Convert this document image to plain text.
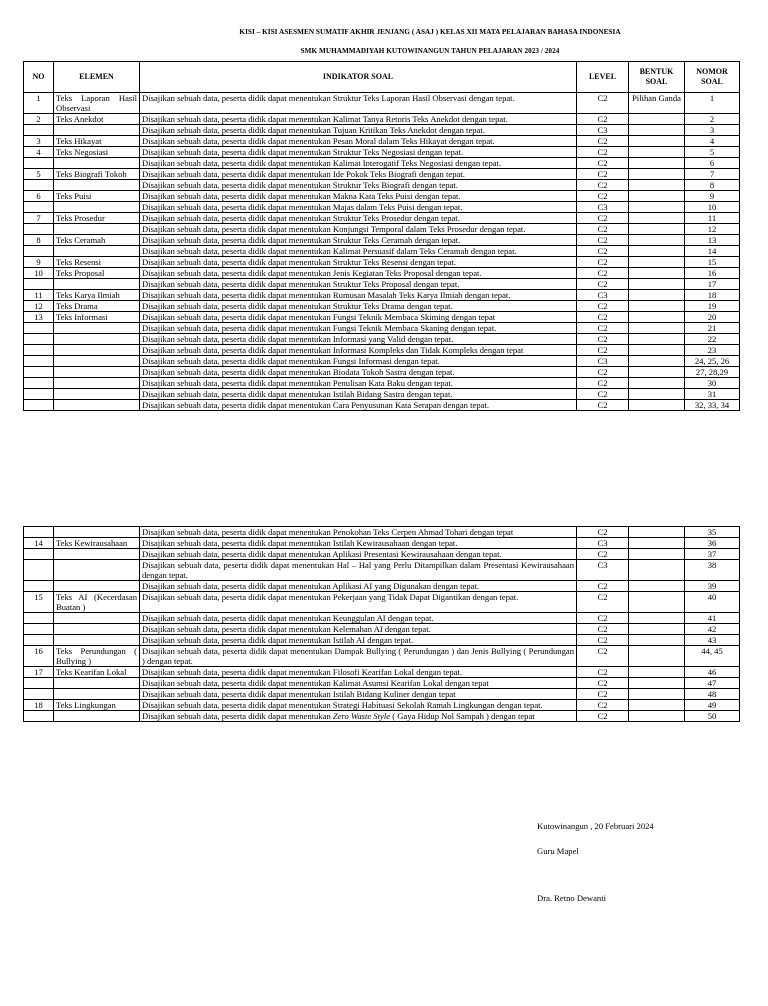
KISI – KISI ASESMEN SUMATIF AKHIR JENJANG ( ASAJ ) KELAS XII MATA PELAJARAN BAHASA INDONESIA
SMK MUHAMMADIYAH KUTOWINANGUN TAHUN PELAJARAN 2023 / 2024
NO	ELEMEN	INDIKATOR SOAL	LEVEL	BENTUK SOAL	NOMOR SOAL
1	Teks Laporan Hasil Observasi	Disajikan sebuah data, peserta didik dapat menentukan Struktur Teks Laporan Hasil Observasi dengan tepat.	C2	Pilihan Ganda	1
2	Teks Anekdot	Disajikan sebuah data, peserta didik dapat menentukan Kalimat Tanya Retoris Teks Anekdot dengan tepat.	C2		2
		Disajikan sebuah data, peserta didik dapat menentukan Tujuan Kritikan Teks Anekdot dengan tepat.	C3		3
3	Teks Hikayat	Disajikan sebuah data, peserta didik dapat menentukan Pesan Moral dalam Teks Hikayat dengan tepat.	C2		4
4	Teks Negosiasi	Disajikan sebuah data, peserta didik dapat menentukan Struktur Teks Negosiasi dengan tepat.	C2		5
		Disajikan sebuah data, peserta didik dapat menentukan Kalimat Interogatif Teks Negosiasi dengan tepat.	C2		6
5	Teks Biografi Tokoh	Disajikan sebuah data, peserta didik dapat menentukan Ide Pokok Teks Biografi dengan tepat.	C2		7
		Disajikan sebuah data, peserta didik dapat menentukan Struktur Teks Biografi dengan tepat.	C2		8
6	Teks Puisi	Disajikan sebuah data, peserta didik dapat menentukan Makna Kata Teks Puisi dengan tepat.	C2		9
		Disajikan sebuah data, peserta didik dapat menentukan Majas dalam Teks Puisi dengan tepat.	C3		10
7	Teks Prosedur	Disajikan sebuah data, peserta didik dapat menentukan Struktur Teks Prosedur dengan tepat.	C2		11
		Disajikan sebuah data, peserta didik dapat menentukan Konjungsi Temporal dalam Teks Prosedur dengan tepat.	C2		12
8	Teks Ceramah	Disajikan sebuah data, peserta didik dapat menentukan Struktur Teks Ceramah dengan tepat.	C2		13
		Disajikan sebuah data, peserta didik dapat menentukan Kalimat Persuasif dalam Teks Ceramah dengan tepat.	C2		14
9	Teks Resensi	Disajikan sebuah data, peserta didik dapat menentukan Struktur Teks Resensi dengan tepat.	C2		15
10	Teks Proposal	Disajikan sebuah data, peserta didik dapat menentukan Jenis Kegiatan Teks Proposal dengan tepat.	C2		16
		Disajikan sebuah data, peserta didik dapat menentukan Struktur Teks Proposal dengan tepat.	C2		17
11	Teks Karya Ilmiah	Disajikan sebuah data, peserta didik dapat menentukan Rumusan Masalah Teks Karya Ilmiah dengan tepat.	C3		18
12	Teks Drama	Disajikan sebuah data, peserta didik dapat menentukan Struktur Teks Drama dengan tepat.	C2		19
13	Teks Informasi	Disajikan sebuah data, peserta didik dapat menentukan Fungsi Teknik Membaca Skiming dengan tepat	C2		20
		Disajikan sebuah data, peserta didik dapat menentukan Fungsi Teknik Membaca Skaning dengan tepat.	C2		21
		Disajikan sebuah data, peserta didik dapat menentukan Informasi yang Valid dengan tepat.	C2		22
		Disajikan sebuah data, peserta didik dapat menentukan Informasi Kompleks dan Tidak Kompleks dengan tepat	C2		23
		Disajikan sebuah data, peserta didik dapat menentukan Fungsi Informasi dengan tepat.	C3		24, 25, 26
		Disajikan sebuah data, peserta didik dapat menentukan Biodata Tokoh Sastra dengan tepat.	C2		27, 28,29
		Disajikan sebuah data, peserta didik dapat menentukan Penulisan Kata Baku dengan tepat.	C2		30
		Disajikan sebuah data, peserta didik dapat menentukan Istilah Bidang Sastra dengan tepat.	C2		31
		Disajikan sebuah data, peserta didik dapat menentukan Cara Penyusunan Kata Serapan dengan tepat.	C2		32, 33, 34
		Disajikan sebuah data, peserta didik dapat menentukan Penokohan Teks Cerpen Ahmad Tohari dengan tepat	C2		35
14	Teks Kewirausahaan	Disajikan sebuah data, peserta didik dapat menentukan Istilah Kewirausahaan dengan tepat.	C3		36
		Disajikan sebuah data, peserta didik dapat menentukan Aplikasi Presentasi Kewirausahaan dengan tepat.	C2		37
		Disajikan sebuah data, peserta didik dapat menentukan Hal – Hal yang Perlu Ditampilkan dalam Presentasi Kewirausahaan dengan tepat.	C3		38
		Disajikan sebuah data, peserta didik dapat menentukan Aplikasi AI yang Digunakan dengan tepat.	C2		39
15	Teks AI (Kecerdasan Buatan )	Disajikan sebuah data, peserta didik dapat menentukan Pekerjaan yang Tidak Dapat Digantikan dengan tepat.	C2		40
		Disajikan sebuah data, peserta didik dapat menentukan Keunggulan AI dengan tepat.	C2		41
		Disajikan sebuah data, peserta didik dapat menentukan Kelemahan AI dengan tepat.	C2		42
		Disajikan sebuah data, peserta didik dapat menentukan Istilah AI dengan tepat.	C2		43
16	Teks Perundungan ( Bullying )	Disajikan sebuah data, peserta didik dapat menentukan Dampak Bullying ( Perundungan ) dan Jenis Bullying ( Perundungan ) dengan tepat.	C2		44, 45
17	Teks Kearifan Lokal	Disajikan sebuah data, peserta didik dapat menentukan Filosofi Kearifan Lokal dengan tepat.	C2		46
		Disajikan sebuah data, peserta didik dapat menentukan Kalimat Asumsi Kearifan Lokal dengan tepat	C2		47
		Disajikan sebuah data, peserta didik dapat menentukan Istilah Bidang Kuliner dengan tepat	C2		48
18	Teks Lingkungan	Disajikan sebuah data, peserta didik dapat menentukan Strategi Habituasi Sekolah Ramah Lingkungan dengan tepat.	C2		49
		Disajikan sebuah data, peserta didik dapat menentukan Zero Waste Style ( Gaya Hidup Nol Sampah ) dengan tepat	C2		50
Kutowinangun , 20 Februari 2024
Guru Mapel
Dra. Retno Dewanti
